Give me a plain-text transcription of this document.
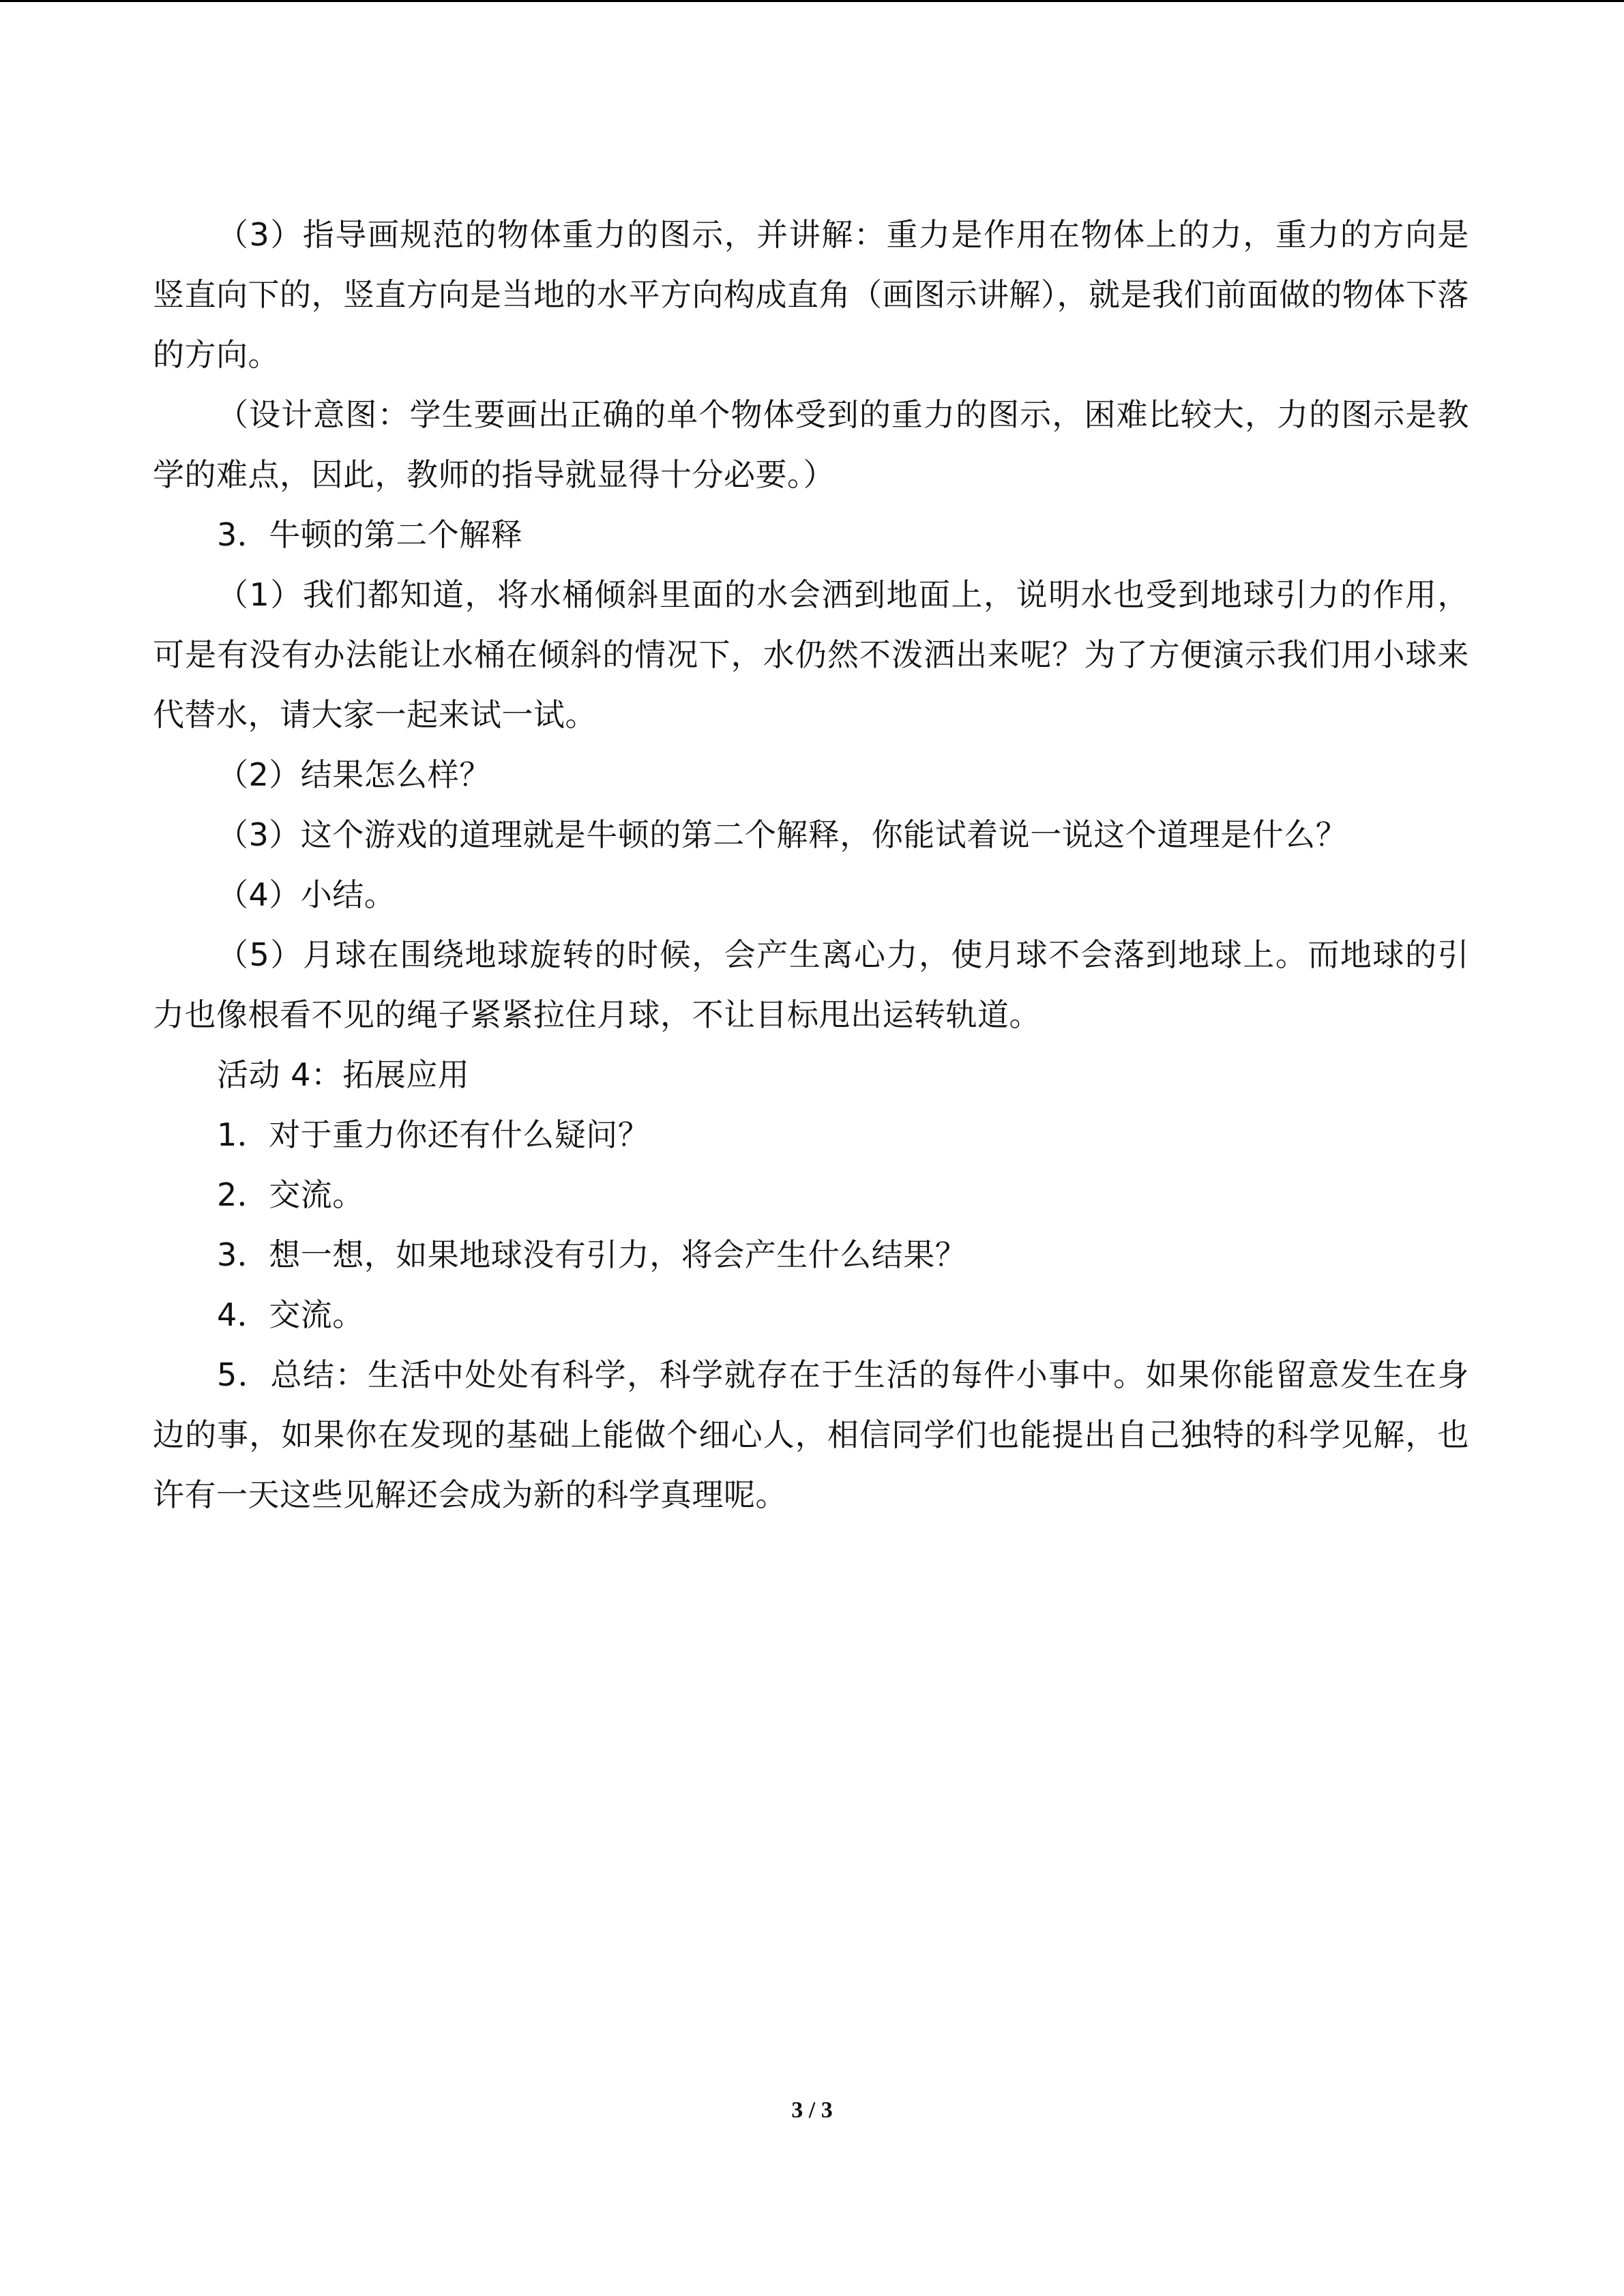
（3）指导画规范的物体重力的图示，并讲解：重力是作用在物体上的力，重力的方向是竖直向下的，竖直方向是当地的水平方向构成直角（画图示讲解），就是我们前面做的物体下落的方向。

（设计意图：学生要画出正确的单个物体受到的重力的图示，困难比较大，力的图示是教学的难点，因此，教师的指导就显得十分必要。）

3．牛顿的第二个解释

（1）我们都知道，将水桶倾斜里面的水会洒到地面上，说明水也受到地球引力的作用，可是有没有办法能让水桶在倾斜的情况下，水仍然不泼洒出来呢？为了方便演示我们用小球来代替水，请大家一起来试一试。

（2）结果怎么样？

（3）这个游戏的道理就是牛顿的第二个解释，你能试着说一说这个道理是什么？

（4）小结。

（5）月球在围绕地球旋转的时候，会产生离心力，使月球不会落到地球上。而地球的引力也像根看不见的绳子紧紧拉住月球，不让目标甩出运转轨道。

活动 4：拓展应用

1．对于重力你还有什么疑问？

2．交流。

3．想一想，如果地球没有引力，将会产生什么结果？

4．交流。

5．总结：生活中处处有科学，科学就存在于生活的每件小事中。如果你能留意发生在身边的事，如果你在发现的基础上能做个细心人，相信同学们也能提出自己独特的科学见解，也许有一天这些见解还会成为新的科学真理呢。

3 / 3
